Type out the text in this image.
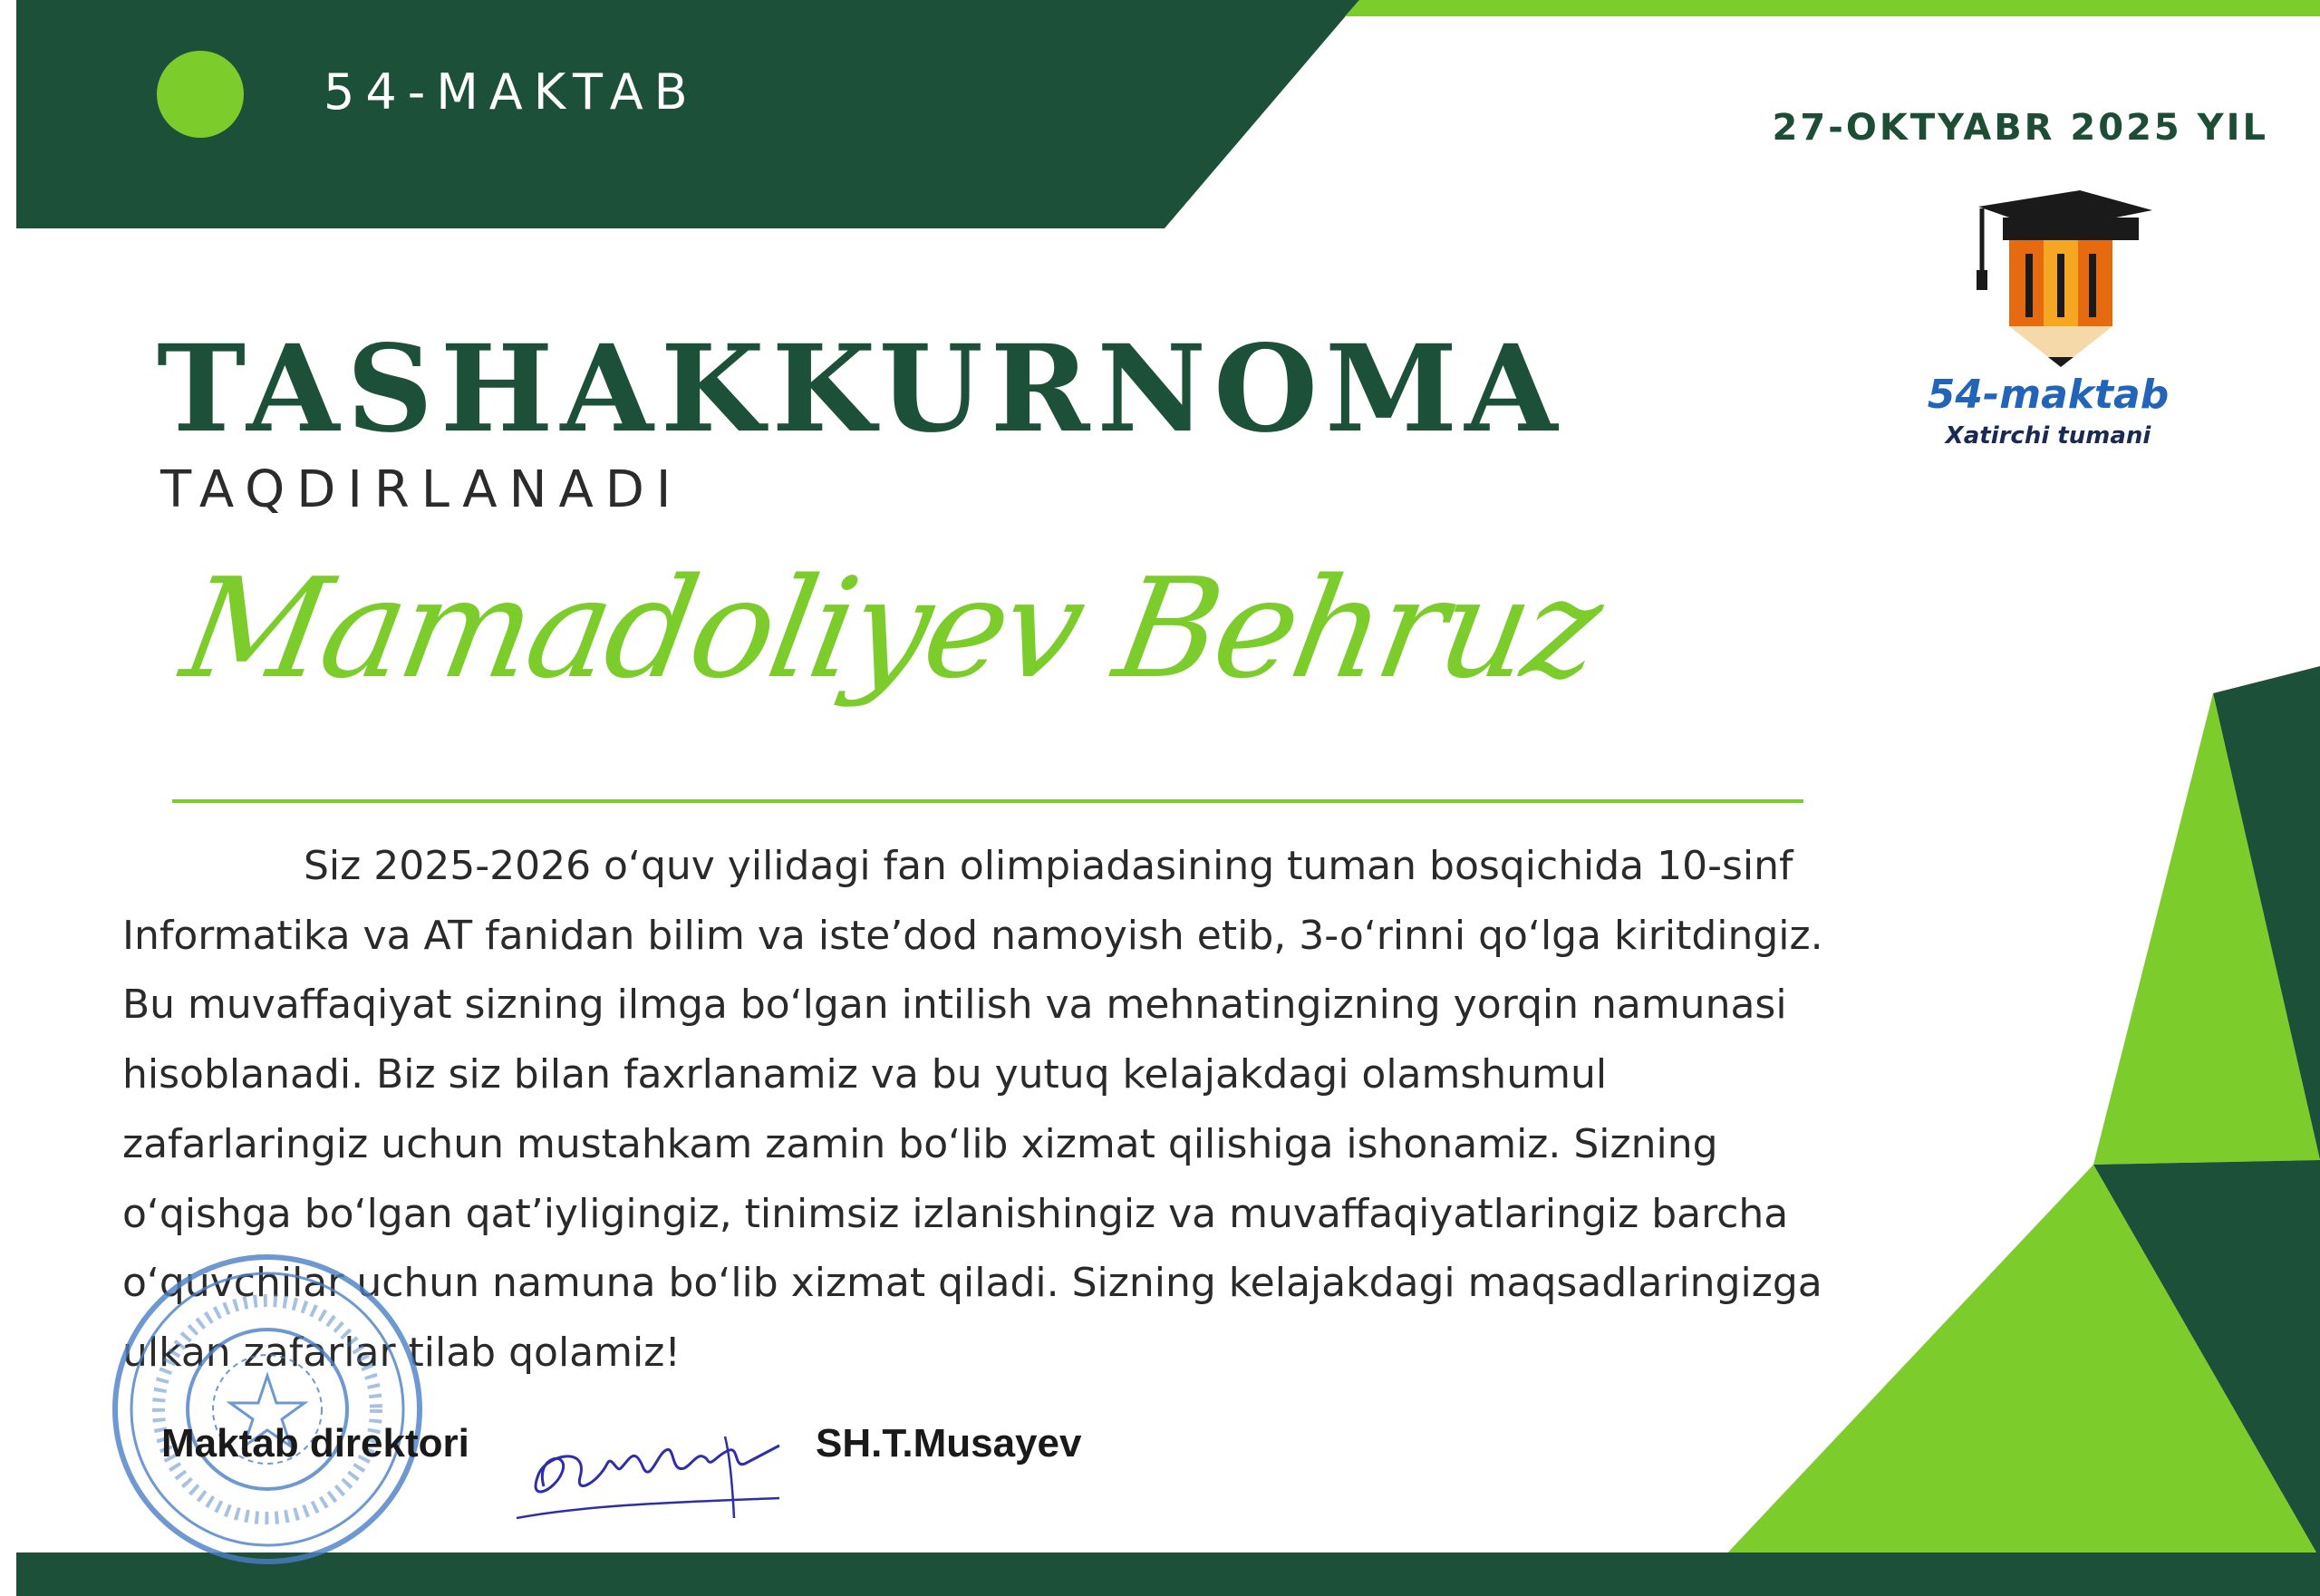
54-MAKTAB
27-OKTYABR 2025 YIL
54-maktab
Xatirchi tumani
TASHAKKURNOMA
TAQDIRLANADI
Mamadoliyev Behruz
Siz 2025-2026 o‘quv yilidagi fan olimpiadasining tuman bosqichida 10-sinf Informatika va AT fanidan bilim va iste’dod namoyish etib, 3-o‘rinni qo‘lga kiritdingiz. Bu muvaffaqiyat sizning ilmga bo‘lgan intilish va mehnatingizning yorqin namunasi hisoblanadi. Biz siz bilan faxrlanamiz va bu yutuq kelajakdagi olamshumul zafarlaringiz uchun mustahkam zamin bo‘lib xizmat qilishiga ishonamiz. Sizning o‘qishga bo‘lgan qat’iyligingiz, tinimsiz izlanishingiz va muvaffaqiyatlaringiz barcha o‘quvchilar uchun namuna bo‘lib xizmat qiladi. Sizning kelajakdagi maqsadlaringizga ulkan zafarlar tilab qolamiz!
Maktab direktori	SH.T.Musayev
